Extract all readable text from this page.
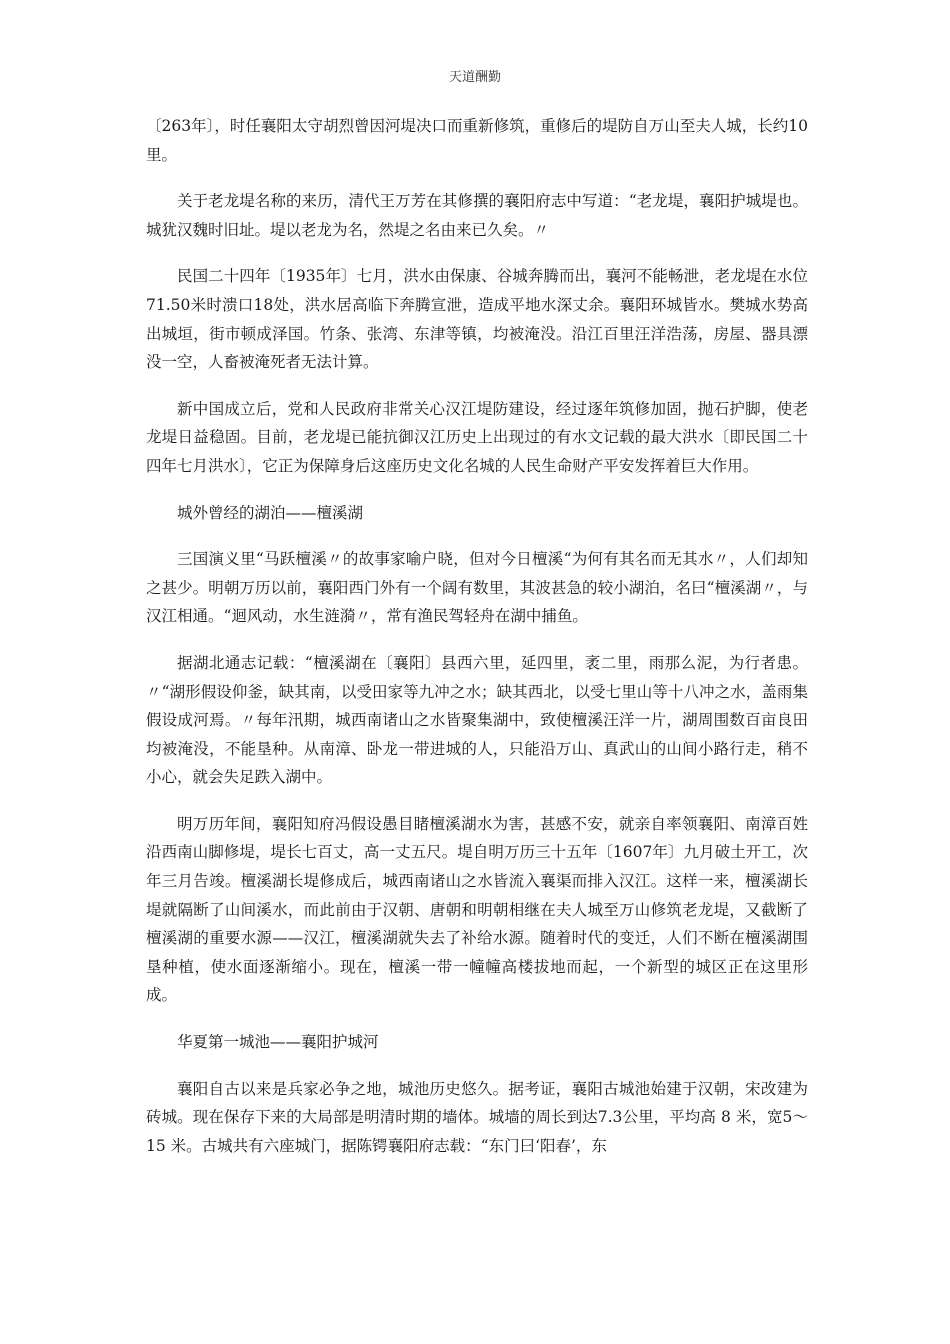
天道酬勤

〔263年〕，时任襄阳太守胡烈曾因河堤决口而重新修筑，重修后的堤防自万山至夫人城，长约10里。

关于老龙堤名称的来历，清代王万芳在其修撰的襄阳府志中写道：“老龙堤，襄阳护城堤也。城犹汉魏时旧址。堤以老龙为名，然堤之名由来已久矣。〃

民国二十四年〔1935年〕七月，洪水由保康、谷城奔腾而出，襄河不能畅泄，老龙堤在水位71.50米时溃口18处，洪水居高临下奔腾宣泄，造成平地水深丈余。襄阳环城皆水。樊城水势高出城垣，街市顿成泽国。竹条、张湾、东津等镇，均被淹没。沿江百里汪洋浩荡，房屋、器具漂没一空，人畜被淹死者无法计算。

新中国成立后，党和人民政府非常关心汉江堤防建设，经过逐年筑修加固，抛石护脚，使老龙堤日益稳固。目前，老龙堤已能抗御汉江历史上出现过的有水文记载的最大洪水〔即民国二十四年七月洪水〕，它正为保障身后这座历史文化名城的人民生命财产平安发挥着巨大作用。

城外曾经的湖泊——檀溪湖

三国演义里“马跃檀溪〃的故事家喻户晓，但对今日檀溪“为何有其名而无其水〃，人们却知之甚少。明朝万历以前，襄阳西门外有一个阔有数里，其波甚急的较小湖泊，名曰“檀溪湖〃，与汉江相通。“迴风动，水生涟漪〃，常有渔民驾轻舟在湖中捕鱼。

据湖北通志记载：“檀溪湖在〔襄阳〕县西六里，延四里，袤二里，雨那么泥，为行者患。〃“湖形假设仰釜，缺其南，以受田家等九冲之水；缺其西北，以受七里山等十八冲之水，盖雨集假设成河焉。〃每年汛期，城西南诸山之水皆聚集湖中，致使檀溪汪洋一片，湖周围数百亩良田均被淹没，不能垦种。从南漳、卧龙一带进城的人，只能沿万山、真武山的山间小路行走，稍不小心，就会失足跌入湖中。

明万历年间，襄阳知府冯假设愚目睹檀溪湖水为害，甚感不安，就亲自率领襄阳、南漳百姓沿西南山脚修堤，堤长七百丈，高一丈五尺。堤自明万历三十五年〔1607年〕九月破土开工，次年三月告竣。檀溪湖长堤修成后，城西南诸山之水皆流入襄渠而排入汉江。这样一来，檀溪湖长堤就隔断了山间溪水，而此前由于汉朝、唐朝和明朝相继在夫人城至万山修筑老龙堤，又截断了檀溪湖的重要水源——汉江，檀溪湖就失去了补给水源。随着时代的变迁，人们不断在檀溪湖围垦种植，使水面逐渐缩小。现在，檀溪一带一幢幢高楼拔地而起，一个新型的城区正在这里形成。

华夏第一城池——襄阳护城河

襄阳自古以来是兵家必争之地，城池历史悠久。据考证，襄阳古城池始建于汉朝，宋改建为砖城。现在保存下来的大局部是明清时期的墙体。城墙的周长到达7.3公里，平均高 8 米，宽5～15 米。古城共有六座城门，据陈锷襄阳府志载：“东门曰‘阳春’，东
